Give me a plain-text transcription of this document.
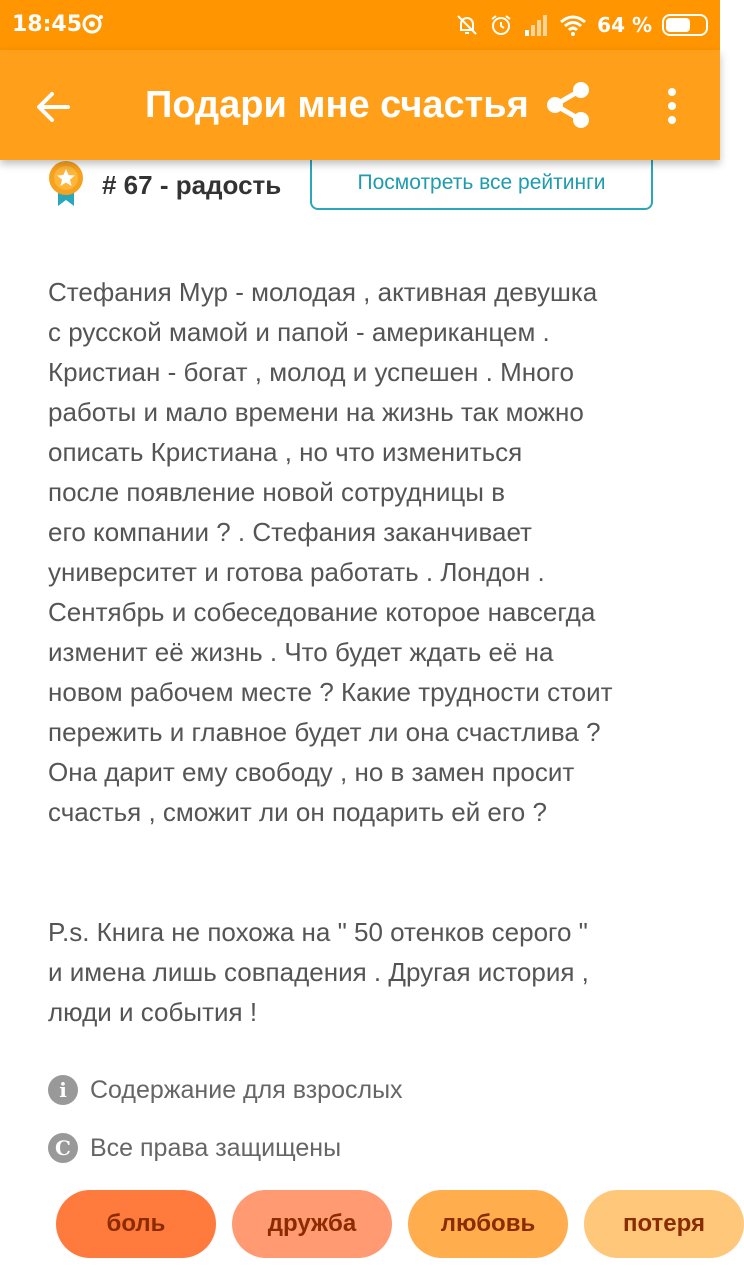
18:45	64 %
Подари мне счастья
# 67 - радость	Посмотреть все рейтинги

Стефания Мур - молодая , активная девушка

с русской мамой и папой - американцем .

Кристиан - богат , молод и успешен . Много

работы и мало времени на жизнь так можно

описать Кристиана , но что измениться

после появление новой сотрудницы в

его компании ? . Стефания заканчивает

университет и готова работать . Лондон .

Сентябрь и собеседование которое навсегда

изменит её жизнь . Что будет ждать её на

новом рабочем месте ? Какие трудности стоит

пережить и главное будет ли она счастлива ?

Она дарит ему свободу , но в замен просит

счастья , сможит ли он подарить ей его ?

P.s. Книга не похожа на " 50 отенков серого "

и имена лишь совпадения . Другая история ,

люди и события !

i Содержание для взрослых
C Все права защищены
боль	дружба	любовь	потеря
